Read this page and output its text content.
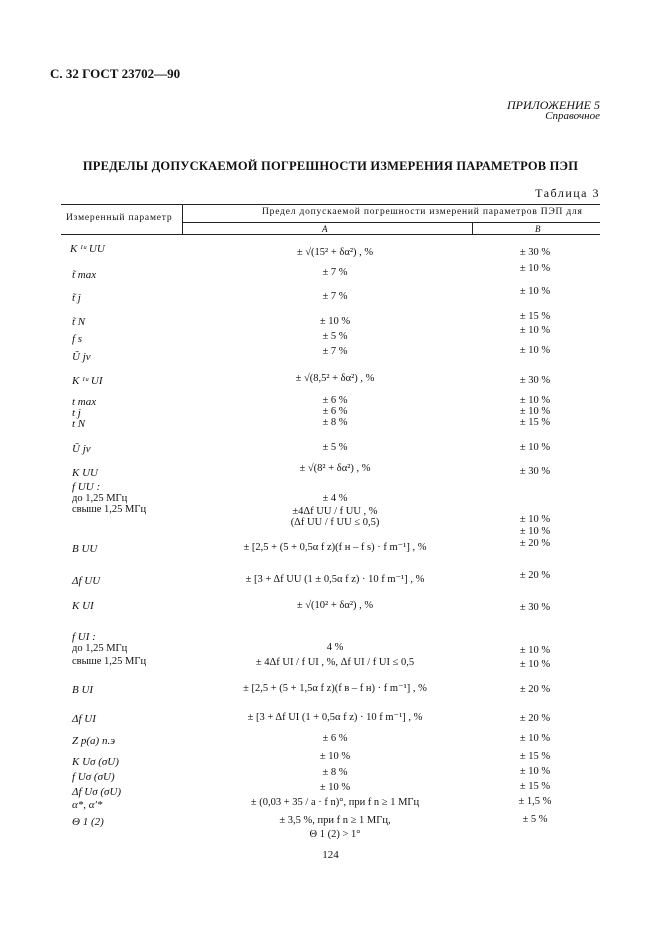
С. 32 ГОСТ 23702—90
ПРИЛОЖЕНИЕ 5
Справочное
ПРЕДЕЛЫ ДОПУСКАЕМОЙ ПОГРЕШНОСТИ ИЗМЕРЕНИЯ ПАРАМЕТРОВ ПЭП
Таблица 3
Измеренный параметр
Предел допускаемой погрешности измерений параметров ПЭП для
A	B
K ᴵᵘ UU
t̃ max
t̃ j
t̃ N
f s
Ũ jv
K ᴵᵘ UI
t max
t j
t N
Ũ jv
K UU
f UU :
до 1,25 МГц
свыше 1,25 МГц
B UU
Δf UU
K UI
f UI :
до 1,25 МГц
свыше 1,25 МГц
B UI
Δf UI
Z p(a) п.э
K Uσ (σU)
f Uσ (σU)
Δf Uσ (σU)
α*, α'*
Θ 1 (2)
± √(15² + δα²) , %
± 7 %
± 7 %
± 10 %
± 5 %
± 7 %
± √(8,5² + δα²) , %
± 6 %
± 6 %
± 8 %
± 5 %
± √(8² + δα²) , %
± 4 %
±4Δf UU / f UU , %
(Δf UU / f UU ≤ 0,5)
± [2,5 + (5 + 0,5α f z)(f н – f s) · f m⁻¹] , %
± [3 + Δf UU (1 ± 0,5α f z) · 10 f m⁻¹] , %
± √(10² + δα²) , %
4 %
± 4Δf UI / f UI , %, Δf UI / f UI ≤ 0,5
± [2,5 + (5 + 1,5α f z)(f в – f н) · f m⁻¹] , %
± [3 + Δf UI (1 + 0,5α f z) · 10 f m⁻¹] , %
± 6 %
± 10 %
± 8 %
± 10 %
± (0,03 + 35 / a · f n)°, при f n ≥ 1 МГц
± 3,5 %, при f n ≥ 1 МГц,
Θ 1 (2) > 1°
± 30 %
± 10 %
± 10 %
± 15 %
± 10 %
± 10 %
± 30 %
± 10 %
± 10 %
± 15 %
± 10 %
± 30 %
± 10 %
± 10 %
± 20 %
± 20 %
± 30 %
± 10 %
± 10 %
± 20 %
± 20 %
± 10 %
± 15 %
± 10 %
± 15 %
± 1,5 %
± 5 %
124
